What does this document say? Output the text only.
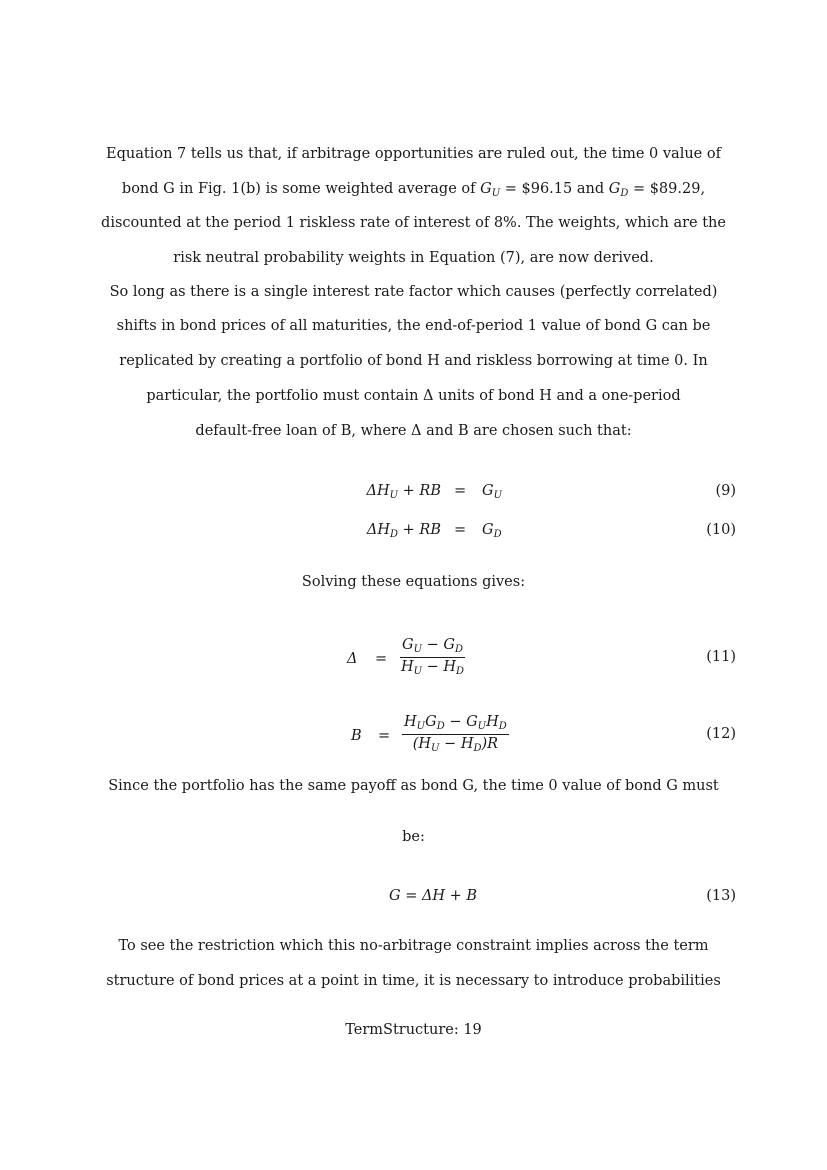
Equation 7 tells us that, if arbitrage opportunities are ruled out, the time 0 value of
bond G in Fig. 1(b) is some weighted average of $G_U$ = $96.15 and $G_D$ = $89.29,
discounted at the period 1 riskless rate of interest of 8%. The weights, which are the
risk neutral probability weights in Equation (7), are now derived.
So long as there is a single interest rate factor which causes (perfectly correlated)
shifts in bond prices of all maturities, the end-of-period 1 value of bond G can be
replicated by creating a portfolio of bond H and riskless borrowing at time 0. In
particular, the portfolio must contain Δ units of bond H and a one-period
default-free loan of B, where Δ and B are chosen such that:
$\Delta H_U$ + RB = $G_U$	(9)
$\Delta H_D$ + RB = $G_D$	(10)
Solving these equations gives:
Δ =
$G_U - G_D$
$H_U - H_D$
(11)
B =
$H_UG_D - G_UH_D$
$(H_U - H_D)R$
(12)
Since the portfolio has the same payoff as bond G, the time 0 value of bond G must
be:
G = ΔH + B	(13)
To see the restriction which this no-arbitrage constraint implies across the term
structure of bond prices at a point in time, it is necessary to introduce probabilities
TermStructure: 19
